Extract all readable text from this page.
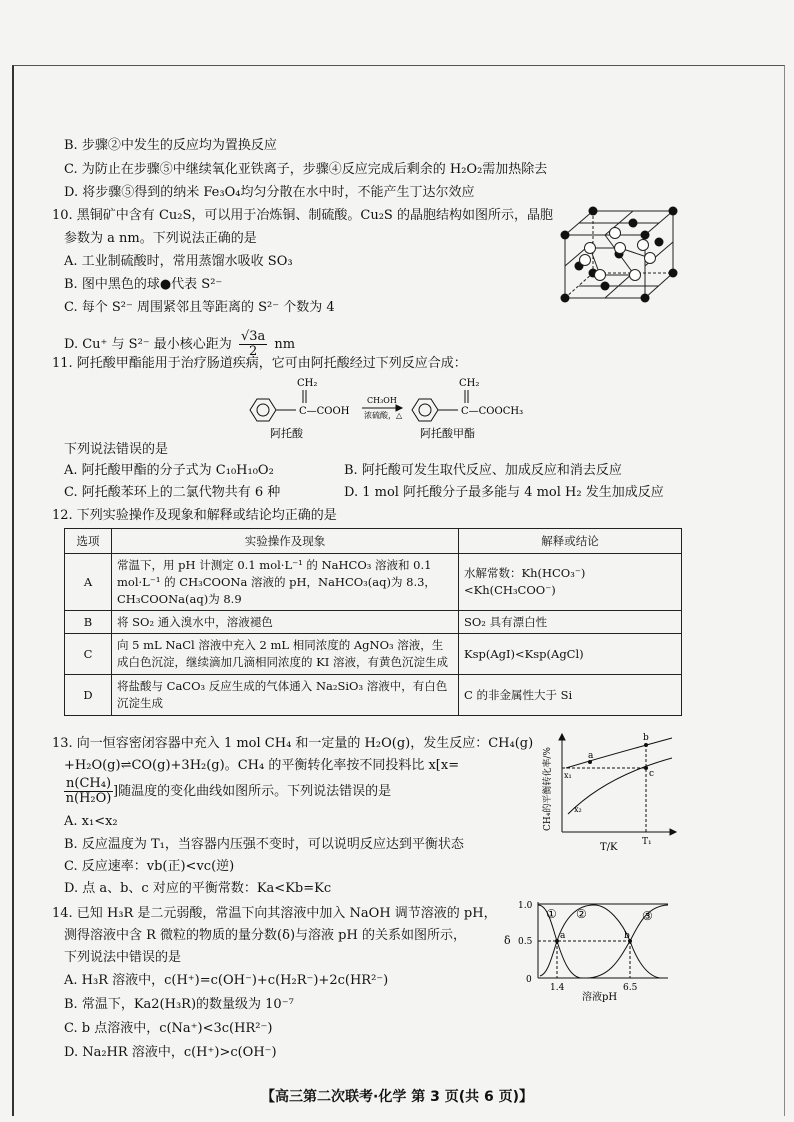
B. 步骤②中发生的反应均为置换反应
C. 为防止在步骤⑤中继续氧化亚铁离子，步骤④反应完成后剩余的 H₂O₂需加热除去
D. 将步骤⑤得到的纳米 Fe₃O₄均匀分散在水中时，不能产生丁达尔效应
10. 黑铜矿中含有 Cu₂S，可以用于冶炼铜、制硫酸。Cu₂S 的晶胞结构如图所示，晶胞
参数为 a nm。下列说法正确的是
A. 工业制硫酸时，常用蒸馏水吸收 SO₃
B. 图中黑色的球●代表 S²⁻
C. 每个 S²⁻ 周围紧邻且等距离的 S²⁻ 个数为 4
D. Cu⁺ 与 S²⁻ 最小核心距为 $\frac{√3a}{2}$ nm
11. 阿托酸甲酯能用于治疗肠道疾病，它可由阿托酸经过下列反应合成：
CH₂
C—COOH
CH₃OH
浓硫酸，△
CH₂
C—COOCH₃
阿托酸	阿托酸甲酯
下列说法错误的是
A. 阿托酸甲酯的分子式为 C₁₀H₁₀O₂	B. 阿托酸可发生取代反应、加成反应和消去反应
C. 阿托酸苯环上的二氯代物共有 6 种	D. 1 mol 阿托酸分子最多能与 4 mol H₂ 发生加成反应
12. 下列实验操作及现象和解释或结论均正确的是
选项	实验操作及现象	解释或结论
A	常温下，用 pH 计测定 0.1 mol·L⁻¹ 的 NaHCO₃ 溶液和 0.1 mol·L⁻¹ 的 CH₃COONa 溶液的 pH，NaHCO₃(aq)为 8.3，CH₃COONa(aq)为 8.9	水解常数：Kh(HCO₃⁻)<Kh(CH₃COO⁻)
B	将 SO₂ 通入溴水中，溶液褪色	SO₂ 具有漂白性
C	向 5 mL NaCl 溶液中充入 2 mL 相同浓度的 AgNO₃ 溶液，生成白色沉淀，继续滴加几滴相同浓度的 KI 溶液，有黄色沉淀生成	Ksp(AgI)<Ksp(AgCl)
D	将盐酸与 CaCO₃ 反应生成的气体通入 Na₂SiO₃ 溶液中，有白色沉淀生成	C 的非金属性大于 Si
13. 向一恒容密闭容器中充入 1 mol CH₄ 和一定量的 H₂O(g)，发生反应：CH₄(g)
+H₂O(g)⇌CO(g)+3H₂(g)。CH₄ 的平衡转化率按不同投料比 x[x=
$\frac{\text{n(CH₄)}}{\text{n(H₂O)}}$ ]随温度的变化曲线如图所示。下列说法错误的是
A. x₁<x₂
B. 反应温度为 T₁，当容器内压强不变时，可以说明反应达到平衡状态
C. 反应速率：vb(正)<vc(逆)
D. 点 a、b、c 对应的平衡常数：Ka<Kb=Kc
CH₄的平衡转化率/%
T/K	T₁
x₁
x₂
a
b
c
14. 已知 H₃R 是二元弱酸，常温下向其溶液中加入 NaOH 调节溶液的 pH，
测得溶液中含 R 微粒的物质的量分数(δ)与溶液 pH 的关系如图所示，
下列说法中错误的是
A. H₃R 溶液中，c(H⁺)=c(OH⁻)+c(H₂R⁻)+2c(HR²⁻)
B. 常温下，Ka2(H₃R)的数量级为 10⁻⁷
C. b 点溶液中，c(Na⁺)<3c(HR²⁻)
D. Na₂HR 溶液中，c(H⁺)>c(OH⁻)
δ
1.0
0.5
0
1.4	6.5
溶液pH
① ②	③
a	b
【高三第二次联考·化学 第 3 页(共 6 页)】
